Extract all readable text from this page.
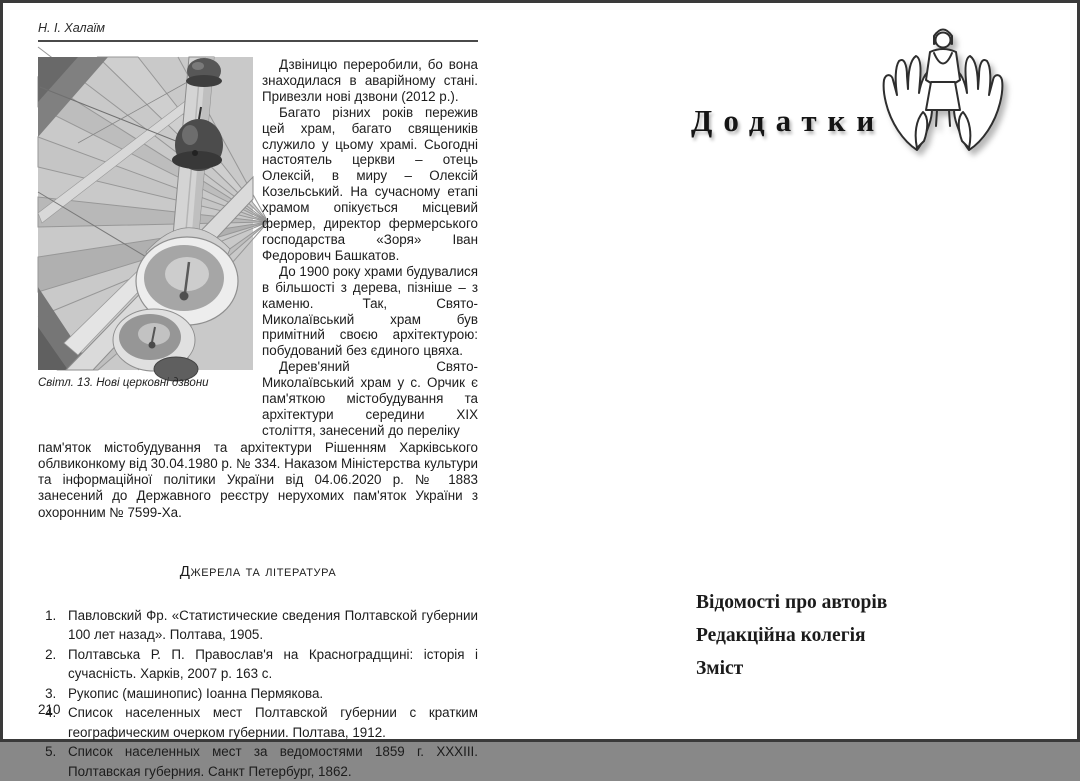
Н. І. Халаїм
Світл. 13. Нові церковні дзвони

Дзвіницю переробили, бо вона знаходилася в аварійному стані. Привезли нові дзвони (2012 р.).

Багато різних років пережив цей храм, багато священиків служило у цьому храмі. Сьогодні настоятель церкви – отець Олексій, в миру – Олексій Козельський. На сучасному етапі храмом опікується місцевий фермер, директор фермерського господарства «Зоря» Іван Федорович Башкатов.

До 1900 року храми будувалися в більшості з дерева, пізніше – з каменю. Так, Свято-Миколаївський храм був примітний своєю архітектурою: побудований без єдиного цвяха.

Дерев'яний Свято-Миколаївський храм у с. Орчик є пам'яткою містобудування та архітектури середини XIX століття, занесений до переліку

пам'яток містобудування та архітектури Рішенням Харківського облвиконкому від 30.04.1980 р. № 334. Наказом Міністерства культури та інформаційної політики України від 04.06.2020 р. № 1883 занесений до Державного реєстру нерухомих пам'яток України з охоронним № 7599-Ха.

Джерела та література
1. Павловский Фр. «Статистические сведения Полтавской губернии 100 лет назад». Полтава, 1905.
2. Полтавська Р. П. Православ'я на Красноградщині: історія і сучасність. Харків, 2007 р. 163 с.
3. Рукопис (машинопис) Іоанна Пермякова.
4. Список населенных мест Полтавской губернии с кратким географическим очерком губернии. Полтава, 1912.
5. Список населенных мест за ведомостями 1859 г. XXXIII. Полтавская губерния. Санкт Петербург, 1862.
210
Додатки
Відомості про авторів
Редакційна колегія
Зміст
